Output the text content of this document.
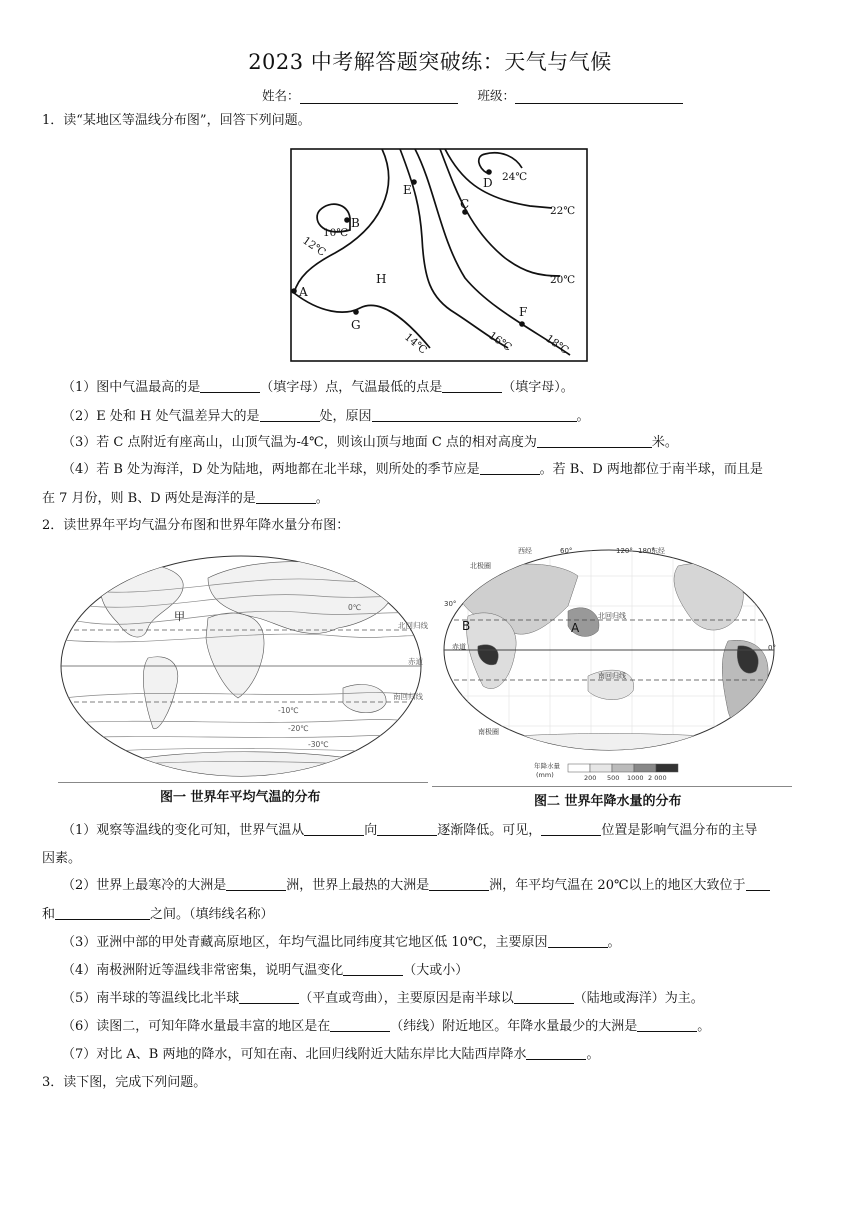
2023 中考解答题突破练：天气与气候
姓名：	班级：
1．读“某地区等温线分布图”，回答下列问题。
A
B
C
D
E
F
G
H
10℃
12℃
14℃	16℃	18℃
20℃
22℃
24℃
（1）图中气温最高的是	（填字母）点，气温最低的点是	（填字母）。
（2）E 处和 H 处气温差异大的是	处，原因	。
（3）若 C 点附近有座高山，山顶气温为-4℃，则该山顶与地面 C 点的相对高度为	米。
（4）若 B 处为海洋，D 处为陆地，两地都在北半球，则所处的季节应是	。若 B、D 两地都位于南半球，而且是
在 7 月份，则 B、D 两处是海洋的是	。
2．读世界年平均气温分布图和世界年降水量分布图：
北回归线
赤道
南回归线
0℃
-10℃
-20℃
-30℃
甲
图一 世界年平均气温的分布
西经	60°	120° 180°
东经
30°
0°
赤道
北回归线
南回归线
北极圈
南极圈
A
B
年降水量
(mm)	200 500 1000 2 000
图二 世界年降水量的分布
（1）观察等温线的变化可知，世界气温从	向	逐渐降低。可见，	位置是影响气温分布的主导
因素。
（2）世界上最寒冷的大洲是	洲，世界上最热的大洲是	洲，年平均气温在 20℃以上的地区大致位于
和	之间。（填纬线名称）
（3）亚洲中部的甲处青藏高原地区，年均气温比同纬度其它地区低 10℃，主要原因	。
（4）南极洲附近等温线非常密集，说明气温变化	（大或小）
（5）南半球的等温线比北半球	（平直或弯曲），主要原因是南半球以	（陆地或海洋）为主。
（6）读图二，可知年降水量最丰富的地区是在	（纬线）附近地区。年降水量最少的大洲是	。
（7）对比 A、B 两地的降水，可知在南、北回归线附近大陆东岸比大陆西岸降水	。
3．读下图，完成下列问题。
